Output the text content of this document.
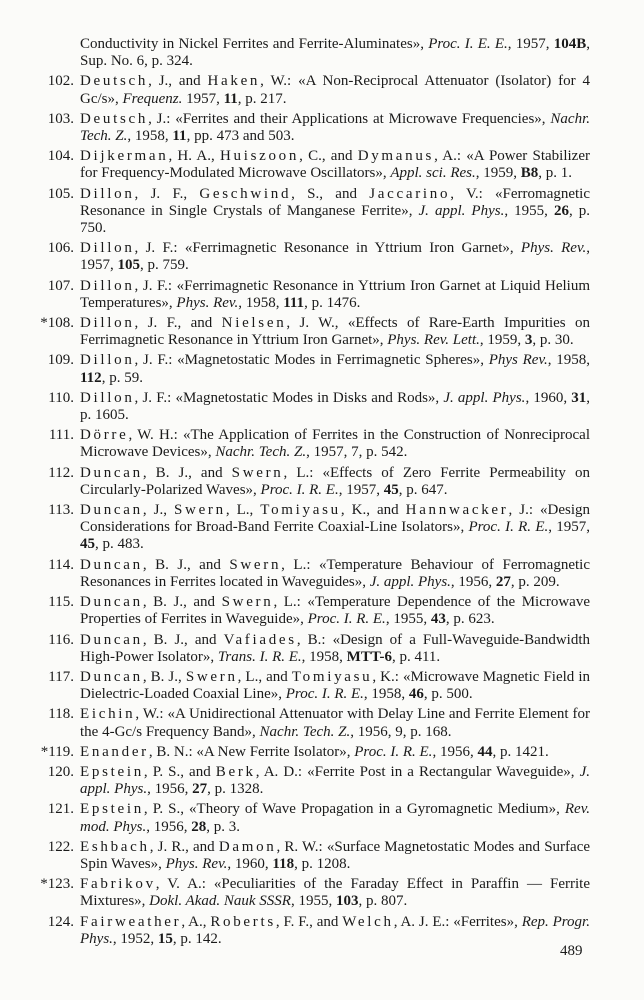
Conductivity in Nickel Ferrites and Ferrite-Aluminates», Proc. I. E. E., 1957, 104B, Sup. No. 6, p. 324.
102. Deutsch, J., and Haken, W.: «A Non-Reciprocal Attenuator (Isolator) for 4 Gc/s», Frequenz. 1957, 11, p. 217.
103. Deutsch, J.: «Ferrites and their Applications at Microwave Frequencies», Nachr. Tech. Z., 1958, 11, pp. 473 and 503.
104. Dijkerman, H. A., Huiszoon, C., and Dymanus, A.: «A Power Stabilizer for Frequency-Modulated Microwave Oscillators», Appl. sci. Res., 1959, B8, p. 1.
105. Dillon, J. F., Geschwind, S., and Jaccarino, V.: «Ferromagnetic Resonance in Single Crystals of Manganese Ferrite», J. appl. Phys., 1955, 26, p. 750.
106. Dillon, J. F.: «Ferrimagnetic Resonance in Yttrium Iron Garnet», Phys. Rev., 1957, 105, p. 759.
107. Dillon, J. F.: «Ferrimagnetic Resonance in Yttrium Iron Garnet at Liquid Helium Temperatures», Phys. Rev., 1958, 111, p. 1476.
*108. Dillon, J. F., and Nielsen, J. W., «Effects of Rare-Earth Impurities on Ferrimagnetic Resonance in Yttrium Iron Garnet», Phys. Rev. Lett., 1959, 3, p. 30.
109. Dillon, J. F.: «Magnetostatic Modes in Ferrimagnetic Spheres», Phys Rev., 1958, 112, p. 59.
110. Dillon, J. F.: «Magnetostatic Modes in Disks and Rods», J. appl. Phys., 1960, 31, p. 1605.
111. Dörre, W. H.: «The Application of Ferrites in the Construction of Nonreciprocal Microwave Devices», Nachr. Tech. Z., 1957, 7, p. 542.
112. Duncan, B. J., and Swern, L.: «Effects of Zero Ferrite Permeability on Circularly-Polarized Waves», Proc. I. R. E., 1957, 45, p. 647.
113. Duncan, J., Swern, L., Tomiyasu, K., and Hannwacker, J.: «Design Considerations for Broad-Band Ferrite Coaxial-Line Isolators», Proc. I. R. E., 1957, 45, p. 483.
114. Duncan, B. J., and Swern, L.: «Temperature Behaviour of Ferromagnetic Resonances in Ferrites located in Waveguides», J. appl. Phys., 1956, 27, p. 209.
115. Duncan, B. J., and Swern, L.: «Temperature Dependence of the Microwave Properties of Ferrites in Waveguide», Proc. I. R. E., 1955, 43, p. 623.
116. Duncan, B. J., and Vafiades, B.: «Design of a Full-Waveguide-Bandwidth High-Power Isolator», Trans. I. R. E., 1958, MTT-6, p. 411.
117. Duncan, B. J., Swern, L., and Tomiyasu, K.: «Microwave Magnetic Field in Dielectric-Loaded Coaxial Line», Proc. I. R. E., 1958, 46, p. 500.
118. Eichin, W.: «A Unidirectional Attenuator with Delay Line and Ferrite Element for the 4-Gc/s Frequency Band», Nachr. Tech. Z., 1956, 9, p. 168.
*119. Enander, B. N.: «A New Ferrite Isolator», Proc. I. R. E., 1956, 44, p. 1421.
120. Epstein, P. S., and Berk, A. D.: «Ferrite Post in a Rectangular Waveguide», J. appl. Phys., 1956, 27, p. 1328.
121. Epstein, P. S., «Theory of Wave Propagation in a Gyromagnetic Medium», Rev. mod. Phys., 1956, 28, p. 3.
122. Eshbach, J. R., and Damon, R. W.: «Surface Magnetostatic Modes and Surface Spin Waves», Phys. Rev., 1960, 118, p. 1208.
*123. Fabrikov, V. A.: «Peculiarities of the Faraday Effect in Paraffin — Ferrite Mixtures», Dokl. Akad. Nauk SSSR, 1955, 103, p. 807.
124. Fairweather, A., Roberts, F. F., and Welch, A. J. E.: «Ferrites», Rep. Progr. Phys., 1952, 15, p. 142.
489
